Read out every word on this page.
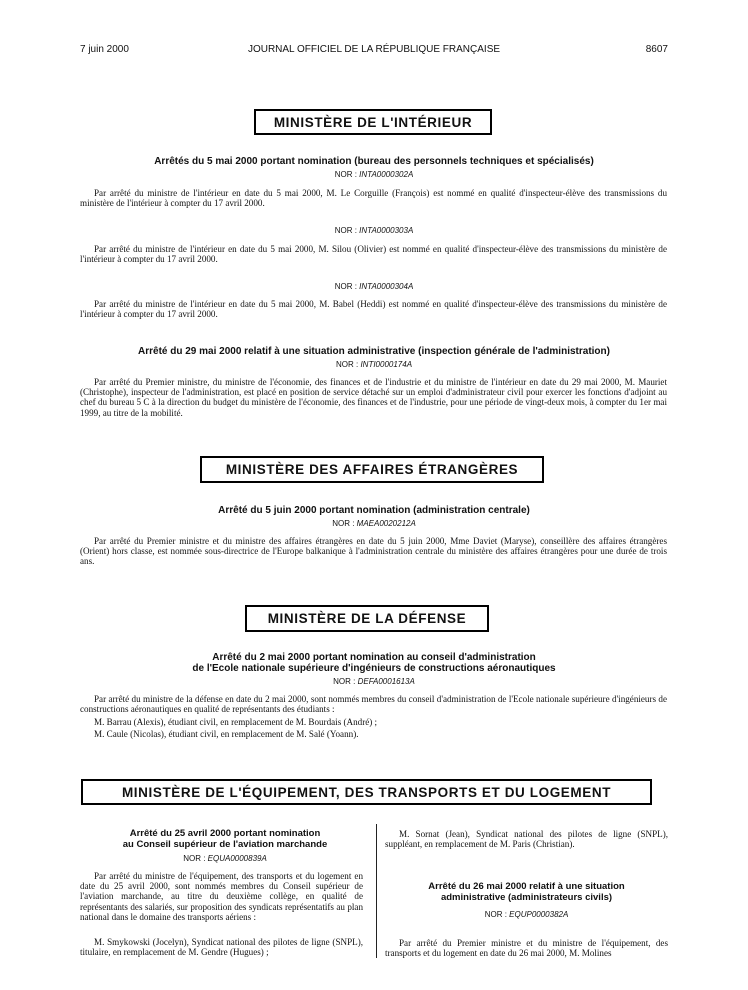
7 juin 2000	JOURNAL OFFICIEL DE LA RÉPUBLIQUE FRANÇAISE	8607
MINISTÈRE DE L'INTÉRIEUR
Arrêtés du 5 mai 2000 portant nomination (bureau des personnels techniques et spécialisés)
NOR : INTA0000302A

Par arrêté du ministre de l'intérieur en date du 5 mai 2000, M. Le Corguille (François) est nommé en qualité d'inspecteur-élève des transmissions du ministère de l'intérieur à compter du 17 avril 2000.

NOR : INTA0000303A

Par arrêté du ministre de l'intérieur en date du 5 mai 2000, M. Silou (Olivier) est nommé en qualité d'inspecteur-élève des transmissions du ministère de l'intérieur à compter du 17 avril 2000.

NOR : INTA0000304A

Par arrêté du ministre de l'intérieur en date du 5 mai 2000, M. Babel (Heddi) est nommé en qualité d'inspecteur-élève des transmissions du ministère de l'intérieur à compter du 17 avril 2000.

Arrêté du 29 mai 2000 relatif à une situation administrative (inspection générale de l'administration)
NOR : INTI0000174A

Par arrêté du Premier ministre, du ministre de l'économie, des finances et de l'industrie et du ministre de l'intérieur en date du 29 mai 2000, M. Mauriet (Christophe), inspecteur de l'administration, est placé en position de service détaché sur un emploi d'administrateur civil pour exercer les fonctions d'adjoint au chef du bureau 5 C à la direction du budget du ministère de l'économie, des finances et de l'industrie, pour une période de vingt-deux mois, à compter du 1er mai 1999, au titre de la mobilité.

MINISTÈRE DES AFFAIRES ÉTRANGÈRES
Arrêté du 5 juin 2000 portant nomination (administration centrale)
NOR : MAEA0020212A

Par arrêté du Premier ministre et du ministre des affaires étrangères en date du 5 juin 2000, Mme Daviet (Maryse), conseillère des affaires étrangères (Orient) hors classe, est nommée sous-directrice de l'Europe balkanique à l'administration centrale du ministère des affaires étrangères pour une durée de trois ans.

MINISTÈRE DE LA DÉFENSE
Arrêté du 2 mai 2000 portant nomination au conseil d'administration
de l'Ecole nationale supérieure d'ingénieurs de constructions aéronautiques
NOR : DEFA0001613A

Par arrêté du ministre de la défense en date du 2 mai 2000, sont nommés membres du conseil d'administration de l'Ecole nationale supérieure d'ingénieurs de constructions aéronautiques en qualité de représentants des étudiants :

M. Barrau (Alexis), étudiant civil, en remplacement de M. Bourdais (André) ;

M. Caule (Nicolas), étudiant civil, en remplacement de M. Salé (Yoann).

MINISTÈRE DE L'ÉQUIPEMENT, DES TRANSPORTS ET DU LOGEMENT
Arrêté du 25 avril 2000 portant nomination
au Conseil supérieur de l'aviation marchande
NOR : EQUA0000839A

Par arrêté du ministre de l'équipement, des transports et du logement en date du 25 avril 2000, sont nommés membres du Conseil supérieur de l'aviation marchande, au titre du deuxième collège, en qualité de représentants des salariés, sur proposition des syndicats représentatifs au plan national dans le domaine des transports aériens :

M. Smykowski (Jocelyn), Syndicat national des pilotes de ligne (SNPL), titulaire, en remplacement de M. Gendre (Hugues) ;

M. Sornat (Jean), Syndicat national des pilotes de ligne (SNPL), suppléant, en remplacement de M. Paris (Christian).

Arrêté du 26 mai 2000 relatif à une situation
administrative (administrateurs civils)
NOR : EQUP0000382A

Par arrêté du Premier ministre et du ministre de l'équipement, des transports et du logement en date du 26 mai 2000, M. Molines
